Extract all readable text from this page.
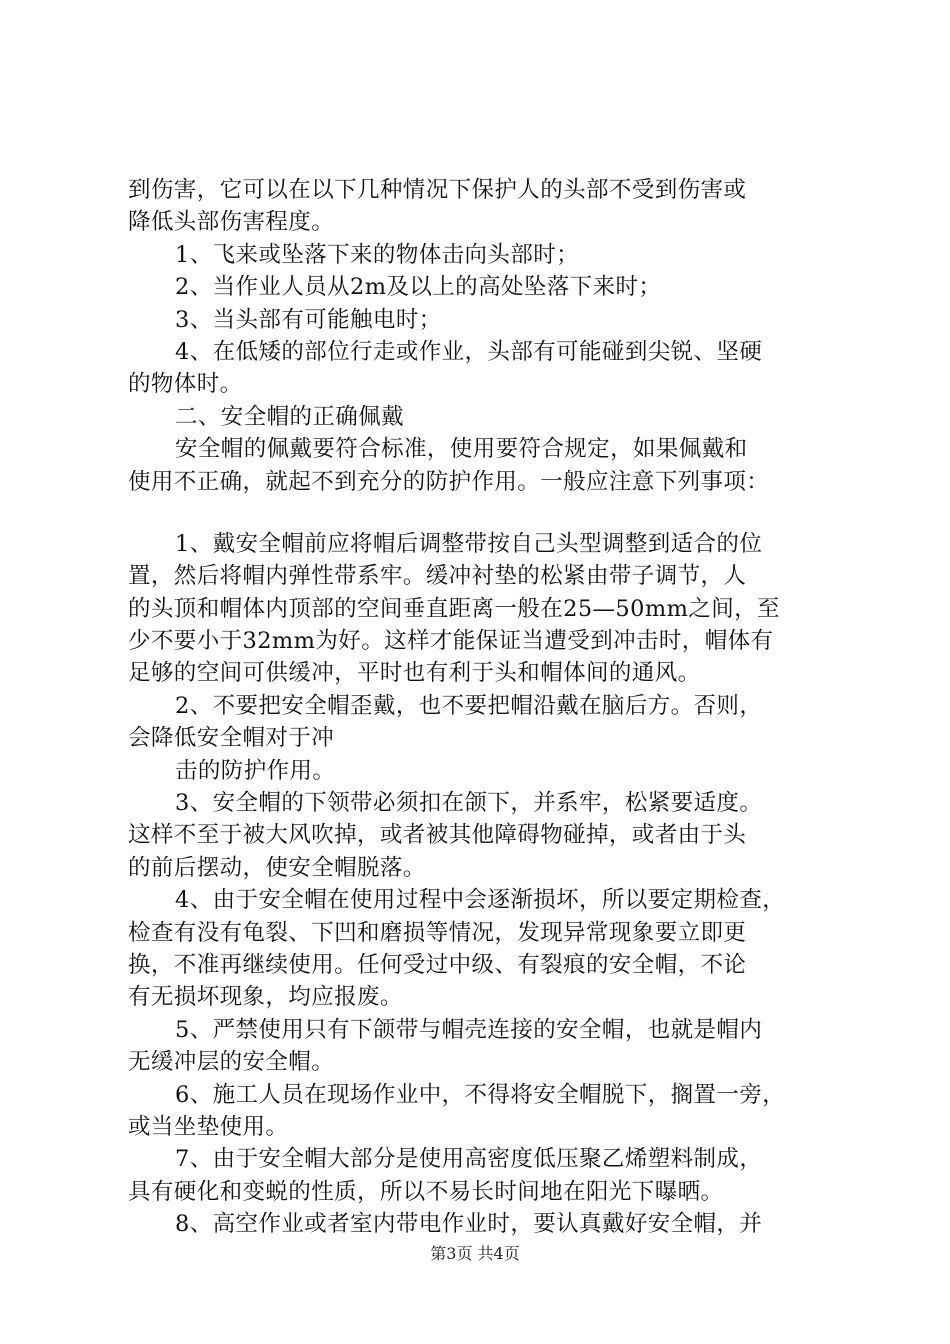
到伤害，它可以在以下几种情况下保护人的头部不受到伤害或
降低头部伤害程度。
1、飞来或坠落下来的物体击向头部时；
2、当作业人员从2m及以上的高处坠落下来时；
3、当头部有可能触电时；
4、在低矮的部位行走或作业，头部有可能碰到尖锐、坚硬
的物体时。
二、安全帽的正确佩戴
安全帽的佩戴要符合标准，使用要符合规定，如果佩戴和
使用不正确，就起不到充分的防护作用。一般应注意下列事项：
1、戴安全帽前应将帽后调整带按自己头型调整到适合的位
置，然后将帽内弹性带系牢。缓冲衬垫的松紧由带子调节，人
的头顶和帽体内顶部的空间垂直距离一般在25—50mm之间，至
少不要小于32mm为好。这样才能保证当遭受到冲击时，帽体有
足够的空间可供缓冲，平时也有利于头和帽体间的通风。
2、不要把安全帽歪戴，也不要把帽沿戴在脑后方。否则，
会降低安全帽对于冲
击的防护作用。
3、安全帽的下领带必须扣在颌下，并系牢，松紧要适度。
这样不至于被大风吹掉，或者被其他障碍物碰掉，或者由于头
的前后摆动，使安全帽脱落。
4、由于安全帽在使用过程中会逐渐损坏，所以要定期检查，
检查有没有龟裂、下凹和磨损等情况，发现异常现象要立即更
换，不准再继续使用。任何受过中级、有裂痕的安全帽，不论
有无损坏现象，均应报废。
5、严禁使用只有下颌带与帽壳连接的安全帽，也就是帽内
无缓冲层的安全帽。
6、施工人员在现场作业中，不得将安全帽脱下，搁置一旁，
或当坐垫使用。
7、由于安全帽大部分是使用高密度低压聚乙烯塑料制成，
具有硬化和变蜕的性质，所以不易长时间地在阳光下曝晒。
8、高空作业或者室内带电作业时，要认真戴好安全帽，并
第3页 共4页
